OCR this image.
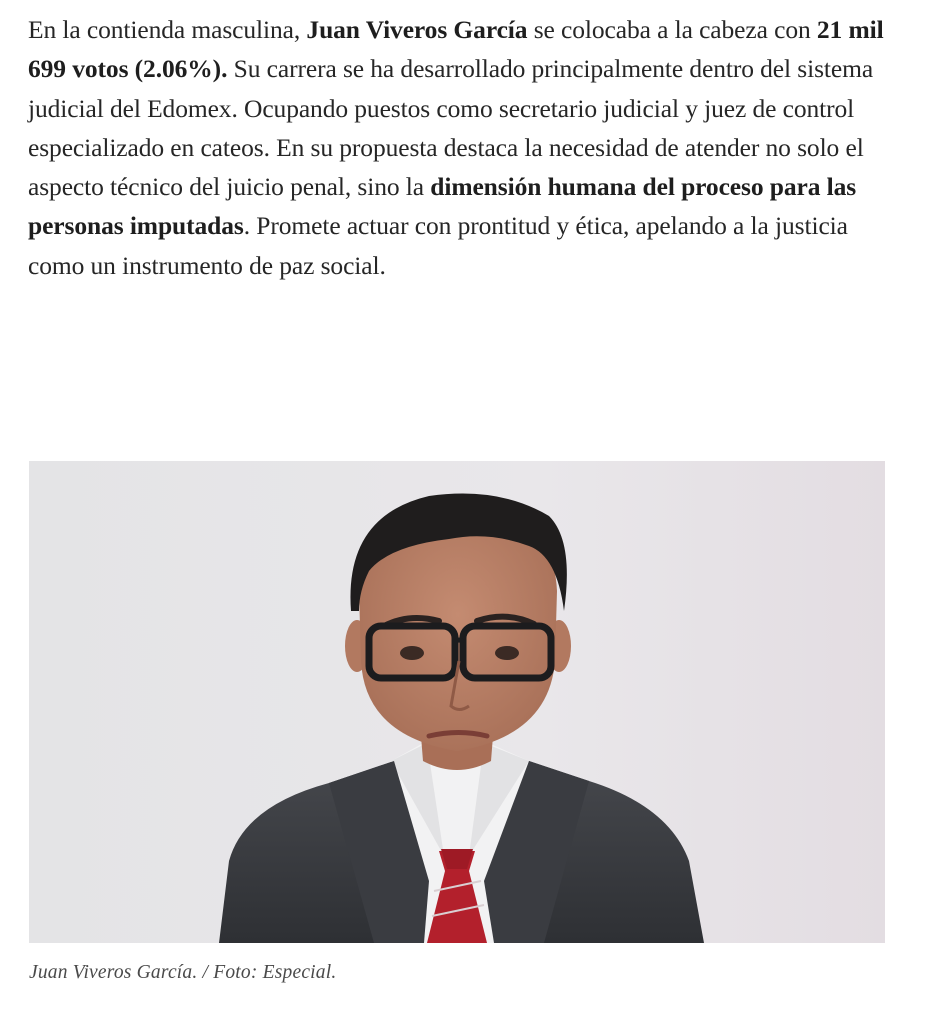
En la contienda masculina, Juan Viveros García se colocaba a la cabeza con 21 mil 699 votos (2.06%). Su carrera se ha desarrollado principalmente dentro del sistema judicial del Edomex. Ocupando puestos como secretario judicial y juez de control especializado en cateos. En su propuesta destaca la necesidad de atender no solo el aspecto técnico del juicio penal, sino la dimensión humana del proceso para las personas imputadas. Promete actuar con prontitud y ética, apelando a la justicia como un instrumento de paz social.

Juan Viveros García. / Foto: Especial.
